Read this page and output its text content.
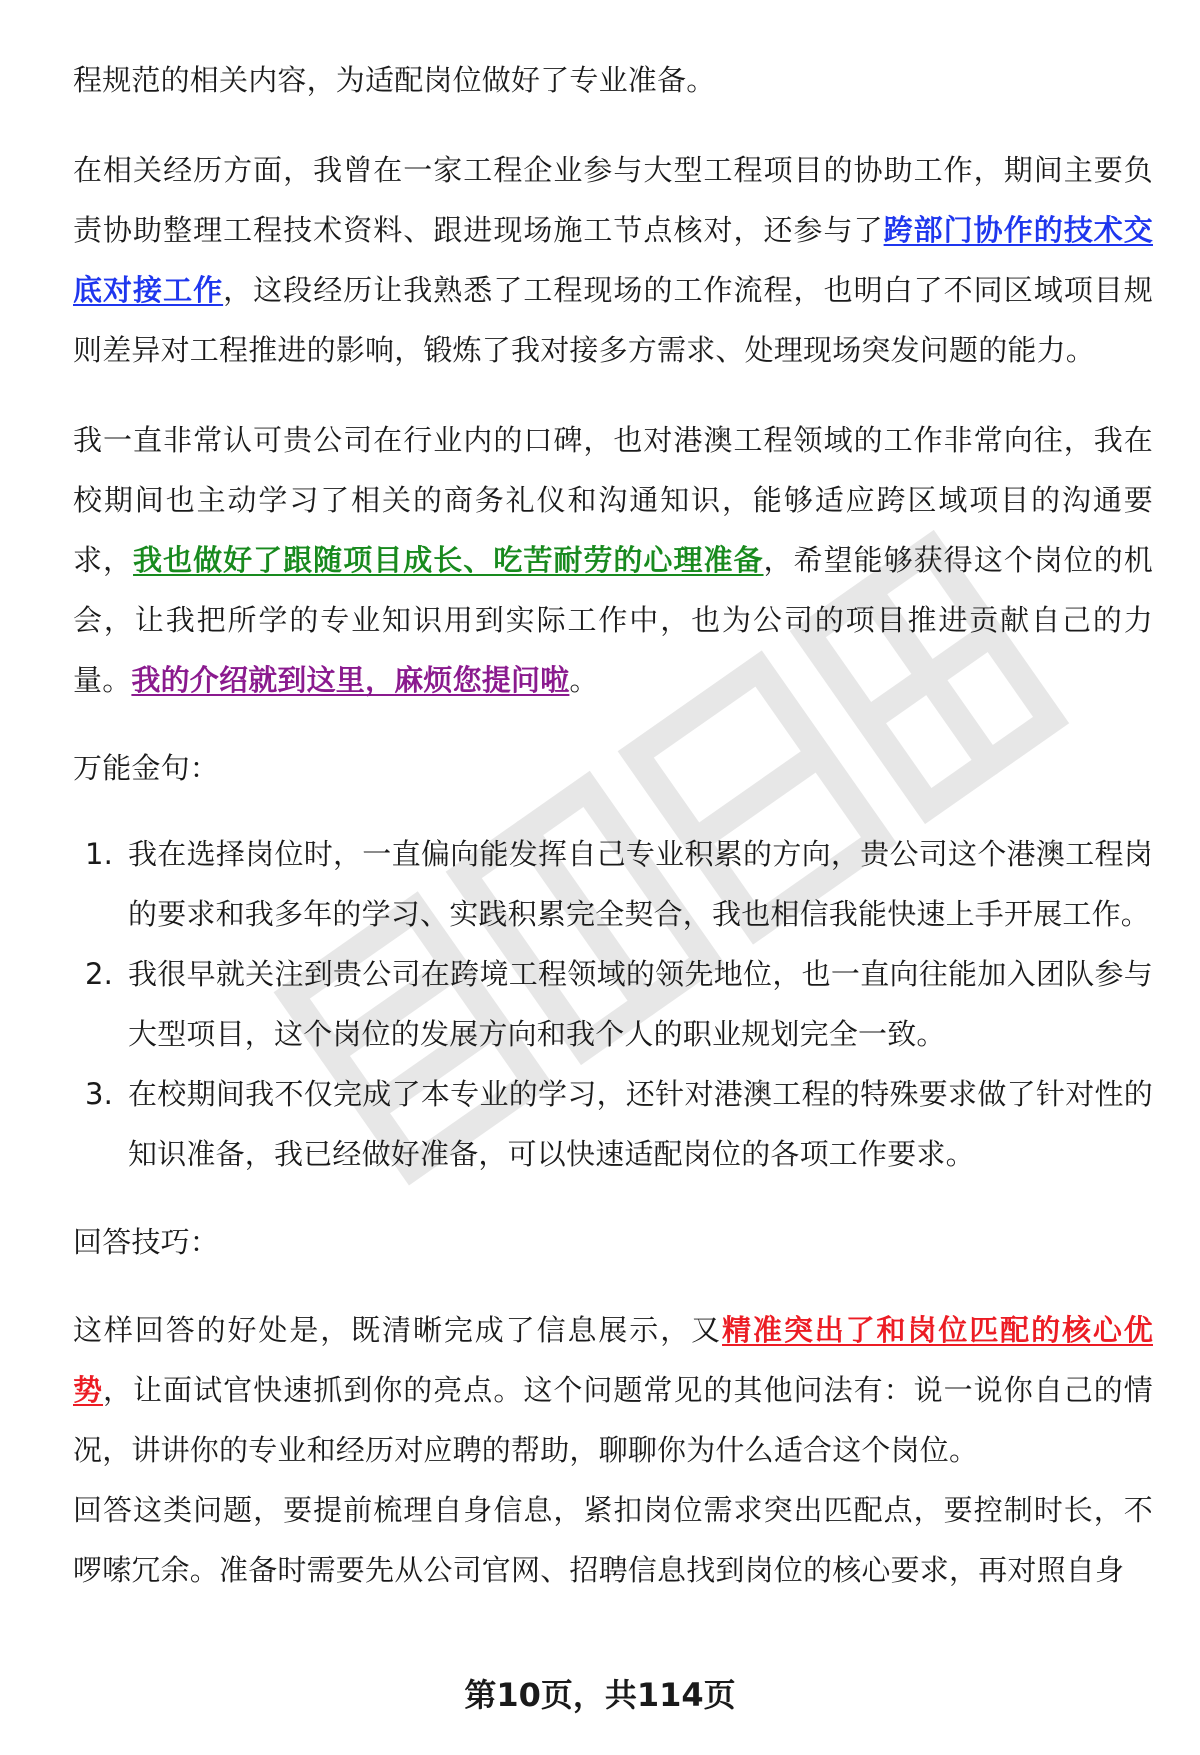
程规范的相关内容，为适配岗位做好了专业准备。

在相关经历方面，我曾在一家工程企业参与大型工程项目的协助工作，期间主要负责协助整理工程技术资料、跟进现场施工节点核对，还参与了跨部门协作的技术交底对接工作，这段经历让我熟悉了工程现场的工作流程，也明白了不同区域项目规则差异对工程推进的影响，锻炼了我对接多方需求、处理现场突发问题的能力。

我一直非常认可贵公司在行业内的口碑，也对港澳工程领域的工作非常向往，我在校期间也主动学习了相关的商务礼仪和沟通知识，能够适应跨区域项目的沟通要求，我也做好了跟随项目成长、吃苦耐劳的心理准备，希望能够获得这个岗位的机会，让我把所学的专业知识用到实际工作中，也为公司的项目推进贡献自己的力量。我的介绍就到这里，麻烦您提问啦。

万能金句：

1. 我在选择岗位时，一直偏向能发挥自己专业积累的方向，贵公司这个港澳工程岗的要求和我多年的学习、实践积累完全契合，我也相信我能快速上手开展工作。
2. 我很早就关注到贵公司在跨境工程领域的领先地位，也一直向往能加入团队参与大型项目，这个岗位的发展方向和我个人的职业规划完全一致。
3. 在校期间我不仅完成了本专业的学习，还针对港澳工程的特殊要求做了针对性的知识准备，我已经做好准备，可以快速适配岗位的各项工作要求。

回答技巧：

这样回答的好处是，既清晰完成了信息展示，又精准突出了和岗位匹配的核心优势，让面试官快速抓到你的亮点。这个问题常见的其他问法有：说一说你自己的情况，讲讲你的专业和经历对应聘的帮助，聊聊你为什么适合这个岗位。

回答这类问题，要提前梳理自身信息，紧扣岗位需求突出匹配点，要控制时长，不啰嗦冗余。准备时需要先从公司官网、招聘信息找到岗位的核心要求，再对照自身

第10页，共114页
